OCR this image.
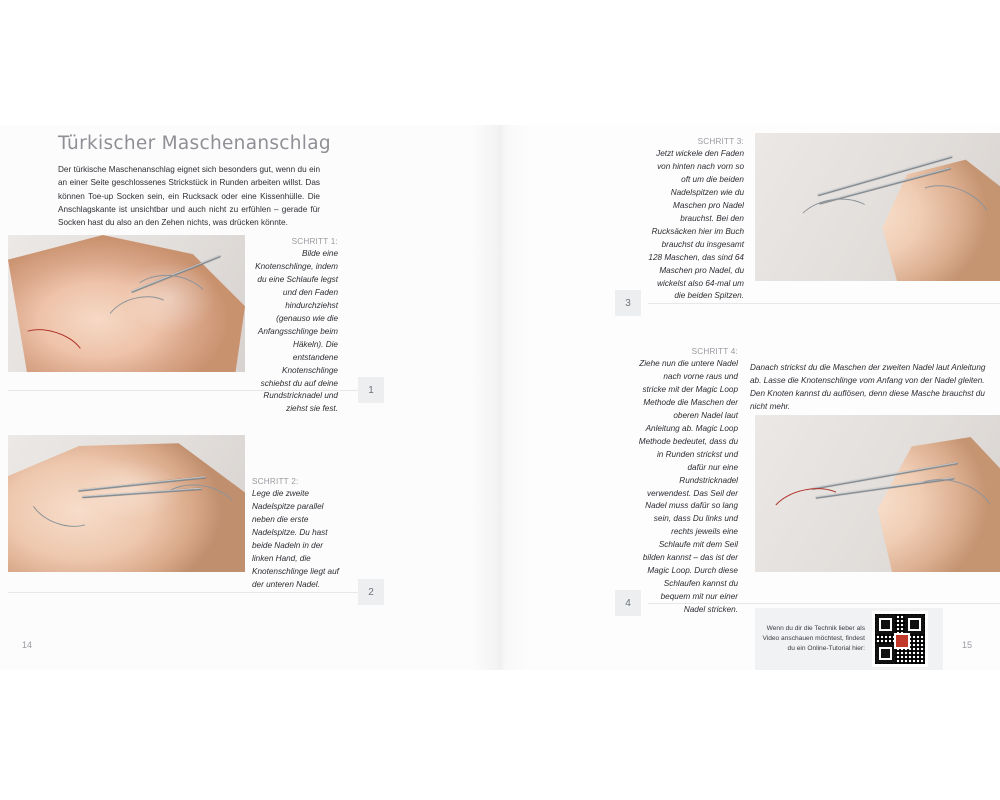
Türkischer Maschenanschlag
Der türkische Maschenanschlag eignet sich besonders gut, wenn du ein an einer Seite geschlossenes Strickstück in Runden arbeiten willst. Das können Toe-up Socken sein, ein Rucksack oder eine Kissenhülle. Die Anschlagskante ist unsichtbar und auch nicht zu erfühlen – gerade für Socken hast du also an den Zehen nichts, was drücken könnte.
SCHRITT 1:
Bilde eine Knotenschlinge, indem du eine Schlaufe legst und den Faden hindurchziehst (genauso wie die Anfangsschlinge beim Häkeln). Die entstandene Knotenschlinge schiebst du auf deine Rundstricknadel und ziehst sie fest.
1
SCHRITT 2:
Lege die zweite Nadelspitze parallel neben die erste Nadelspitze. Du hast beide Nadeln in der linken Hand, die Knotenschlinge liegt auf der unteren Nadel.
2
14
SCHRITT 3:
Jetzt wickele den Faden von hinten nach vorn so oft um die beiden Nadelspitzen wie du Maschen pro Nadel brauchst. Bei den Rucksäcken hier im Buch brauchst du insgesamt 128 Maschen, das sind 64 Maschen pro Nadel, du wickelst also 64-mal um die beiden Spitzen.
3
SCHRITT 4:
Ziehe nun die untere Nadel nach vorne raus und stricke mit der Magic Loop Methode die Maschen der oberen Nadel laut Anleitung ab. Magic Loop Methode bedeutet, dass du in Runden strickst und dafür nur eine Rundstricknadel verwendest. Das Seil der Nadel muss dafür so lang sein, dass Du links und rechts jeweils eine Schlaufe mit dem Seil bilden kannst – das ist der Magic Loop. Durch diese Schlaufen kannst du bequem mit nur einer Nadel stricken.
Danach strickst du die Maschen der zweiten Nadel laut Anleitung ab. Lasse die Knotenschlinge vom Anfang von der Nadel gleiten. Den Knoten kannst du auflösen, denn diese Masche brauchst du nicht mehr.
4
Wenn du dir die Technik lieber als Video anschauen möchtest, findest du ein Online-Tutorial hier:	15
